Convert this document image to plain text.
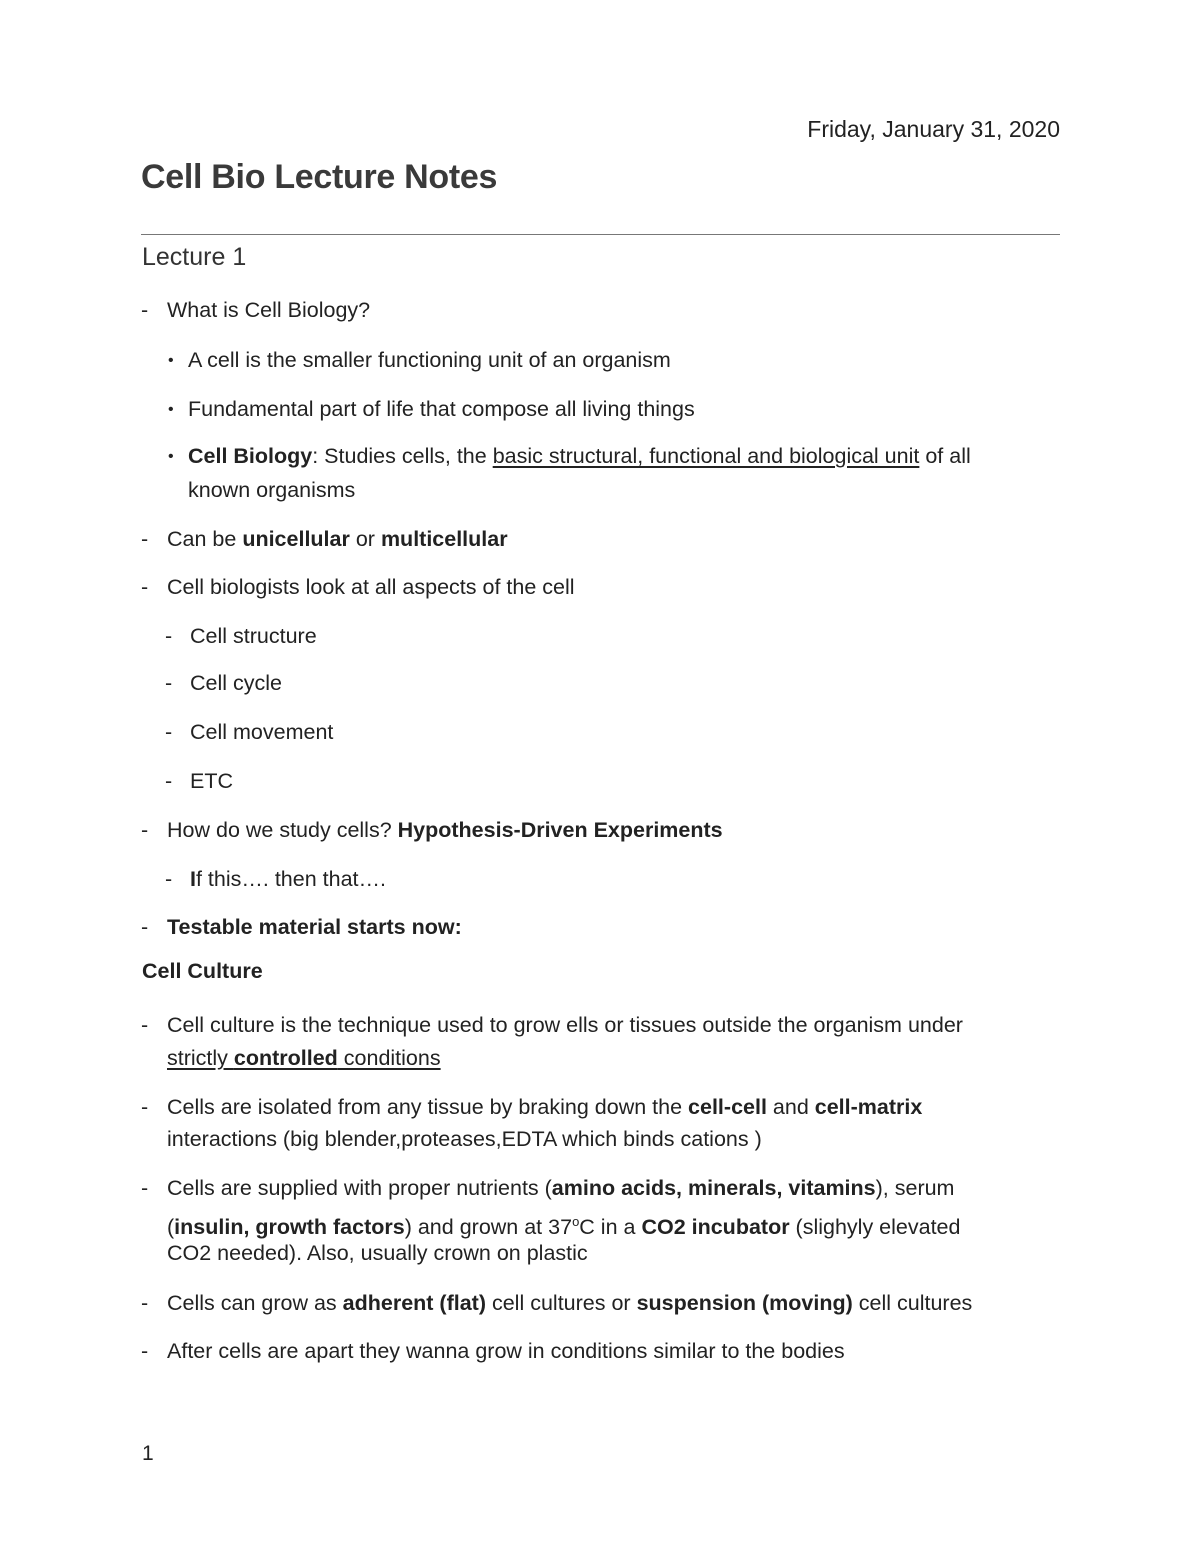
Friday, January 31, 2020
Cell Bio Lecture Notes
Lecture 1
- What is Cell Biology?
• A cell is the smaller functioning unit of an organism
• Fundamental part of life that compose all living things
• Cell Biology: Studies cells, the basic structural, functional and biological unit of all
known organisms
- Can be unicellular or multicellular
- Cell biologists look at all aspects of the cell
- Cell structure
- Cell cycle
- Cell movement
- ETC
- How do we study cells? Hypothesis-Driven Experiments
- If this…. then that….
- Testable material starts now:
Cell Culture
- Cell culture is the technique used to grow ells or tissues outside the organism under
strictly controlled conditions
- Cells are isolated from any tissue by braking down the cell-cell and cell-matrix
interactions (big blender,proteases,EDTA which binds cations )
- Cells are supplied with proper nutrients (amino acids, minerals, vitamins), serum
(insulin, growth factors) and grown at 37$^o$C in a CO2 incubator (slighyly elevated
CO2 needed). Also, usually crown on plastic
- Cells can grow as adherent (flat) cell cultures or suspension (moving) cell cultures
- After cells are apart they wanna grow in conditions similar to the bodies
1
